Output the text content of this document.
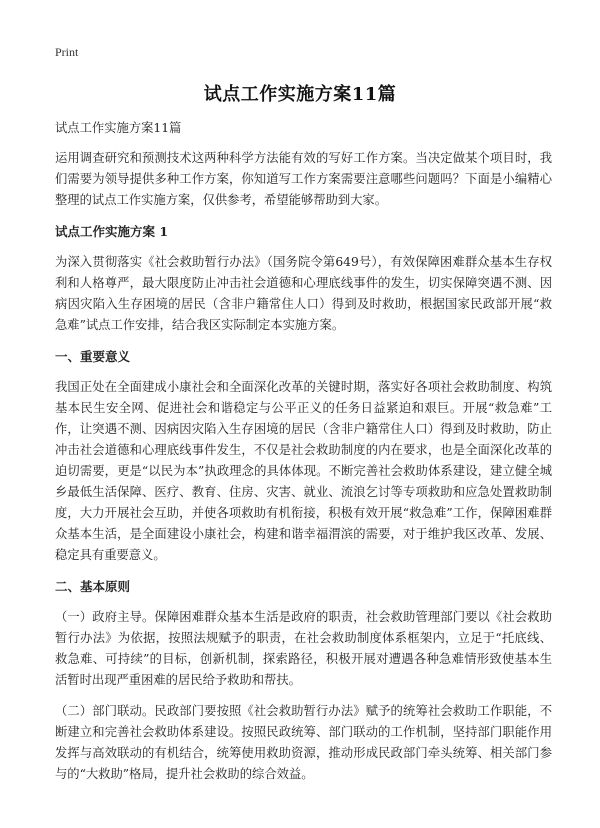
Print
试点工作实施方案11篇

试点工作实施方案11篇

运用调查研究和预测技术这两种科学方法能有效的写好工作方案。当决定做某个项目时，我们需要为领导提供多种工作方案，你知道写工作方案需要注意哪些问题吗？下面是小编精心整理的试点工作实施方案，仅供参考，希望能够帮助到大家。

试点工作实施方案 1

为深入贯彻落实《社会救助暂行办法》（国务院令第649号），有效保障困难群众基本生存权利和人格尊严，最大限度防止冲击社会道德和心理底线事件的发生，切实保障突遇不测、因病因灾陷入生存困境的居民（含非户籍常住人口）得到及时救助，根据国家民政部开展“救急难”试点工作安排，结合我区实际制定本实施方案。

一、重要意义

我国正处在全面建成小康社会和全面深化改革的关键时期，落实好各项社会救助制度、构筑基本民生安全网、促进社会和谐稳定与公平正义的任务日益紧迫和艰巨。开展“救急难”工作，让突遇不测、因病因灾陷入生存困境的居民（含非户籍常住人口）得到及时救助，防止冲击社会道德和心理底线事件发生，不仅是社会救助制度的内在要求，也是全面深化改革的迫切需要，更是“以民为本”执政理念的具体体现。不断完善社会救助体系建设，建立健全城乡最低生活保障、医疗、教育、住房、灾害、就业、流浪乞讨等专项救助和应急处置救助制度，大力开展社会互助，并使各项救助有机衔接，积极有效开展“救急难”工作，保障困难群众基本生活，是全面建设小康社会，构建和谐幸福渭滨的需要，对于维护我区改革、发展、稳定具有重要意义。

二、基本原则

（一）政府主导。保障困难群众基本生活是政府的职责，社会救助管理部门要以《社会救助暂行办法》为依据，按照法规赋予的职责，在社会救助制度体系框架内，立足于“托底线、救急难、可持续”的目标，创新机制，探索路径，积极开展对遭遇各种急难情形致使基本生活暂时出现严重困难的居民给予救助和帮扶。

（二）部门联动。民政部门要按照《社会救助暂行办法》赋予的统筹社会救助工作职能，不断建立和完善社会救助体系建设。按照民政统筹、部门联动的工作机制，坚持部门职能作用发挥与高效联动的有机结合，统筹使用救助资源，推动形成民政部门牵头统筹、相关部门参与的“大救助”格局，提升社会救助的综合效益。
